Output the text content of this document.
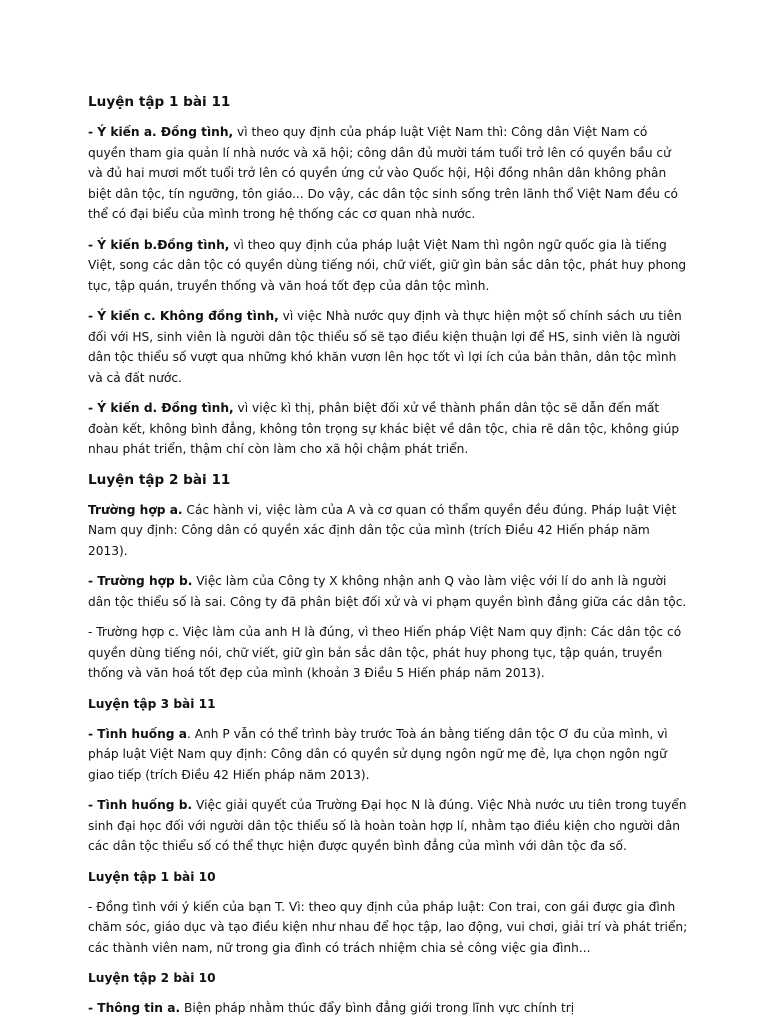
Luyện tập 1 bài 11

- Ý kiến a. Đồng tình, vì theo quy định của pháp luật Việt Nam thì: Công dân Việt Nam có quyền tham gia quản lí nhà nước và xã hội; công dân đủ mười tám tuổi trở lên có quyền bầu cử và đủ hai mươi mốt tuổi trở lên có quyền ứng cử vào Quốc hội, Hội đồng nhân dân không phân biệt dân tộc, tín ngưỡng, tôn giáo... Do vậy, các dân tộc sinh sống trên lãnh thổ Việt Nam đều có thể có đại biểu của mình trong hệ thống các cơ quan nhà nước.

- Ý kiến b.Đồng tình, vì theo quy định của pháp luật Việt Nam thì ngôn ngữ quốc gia là tiếng Việt, song các dân tộc có quyền dùng tiếng nói, chữ viết, giữ gìn bản sắc dân tộc, phát huy phong tục, tập quán, truyền thống và văn hoá tốt đẹp của dân tộc mình.

- Ý kiến c. Không đồng tình, vì việc Nhà nước quy định và thực hiện một số chính sách ưu tiên đối với HS, sinh viên là người dân tộc thiểu số sẽ tạo điều kiện thuận lợi để HS, sinh viên là người dân tộc thiểu số vượt qua những khó khăn vươn lên học tốt vì lợi ích của bản thân, dân tộc mình và cả đất nước.

- Ý kiến d. Đồng tình, vì việc kì thị, phân biệt đối xử về thành phần dân tộc sẽ dẫn đến mất đoàn kết, không bình đẳng, không tôn trọng sự khác biệt về dân tộc, chia rẽ dân tộc, không giúp nhau phát triển, thậm chí còn làm cho xã hội chậm phát triển.

Luyện tập 2 bài 11

Trường hợp a. Các hành vi, việc làm của A và cơ quan có thẩm quyền đều đúng. Pháp luật Việt Nam quy định: Công dân có quyền xác định dân tộc của mình (trích Điều 42 Hiến pháp năm 2013).

- Trường hợp b. Việc làm của Công ty X không nhận anh Q vào làm việc với lí do anh là người dân tộc thiểu số là sai. Công ty đã phân biệt đối xử và vi phạm quyền bình đẳng giữa các dân tộc.

- Trường hợp c. Việc làm của anh H là đúng, vì theo Hiến pháp Việt Nam quy định: Các dân tộc có quyền dùng tiếng nói, chữ viết, giữ gìn bản sắc dân tộc, phát huy phong tục, tập quán, truyền thống và văn hoá tốt đẹp của mình (khoản 3 Điều 5 Hiến pháp năm 2013).

Luyện tập 3 bài 11

- Tình huống a. Anh P vẫn có thể trình bày trước Toà án bằng tiếng dân tộc Ơ đu của mình, vì pháp luật Việt Nam quy định: Công dân có quyền sử dụng ngôn ngữ mẹ đẻ, lựa chọn ngôn ngữ giao tiếp (trích Điều 42 Hiến pháp năm 2013).

- Tình huống b. Việc giải quyết của Trường Đại học N là đúng. Việc Nhà nước ưu tiên trong tuyển sinh đại học đối với người dân tộc thiểu số là hoàn toàn hợp lí, nhằm tạo điều kiện cho người dân các dân tộc thiểu số có thể thực hiện được quyền bình đẳng của mình với dân tộc đa số.

Luyện tập 1 bài 10

- Đồng tình với ý kiến của bạn T. Vì: theo quy định của pháp luật: Con trai, con gái được gia đình chăm sóc, giáo dục và tạo điều kiện như nhau để học tập, lao động, vui chơi, giải trí và phát triển; các thành viên nam, nữ trong gia đình có trách nhiệm chia sẻ công việc gia đình...

Luyện tập 2 bài 10

- Thông tin a. Biện pháp nhằm thúc đẩy bình đẳng giới trong lĩnh vực chính trị
